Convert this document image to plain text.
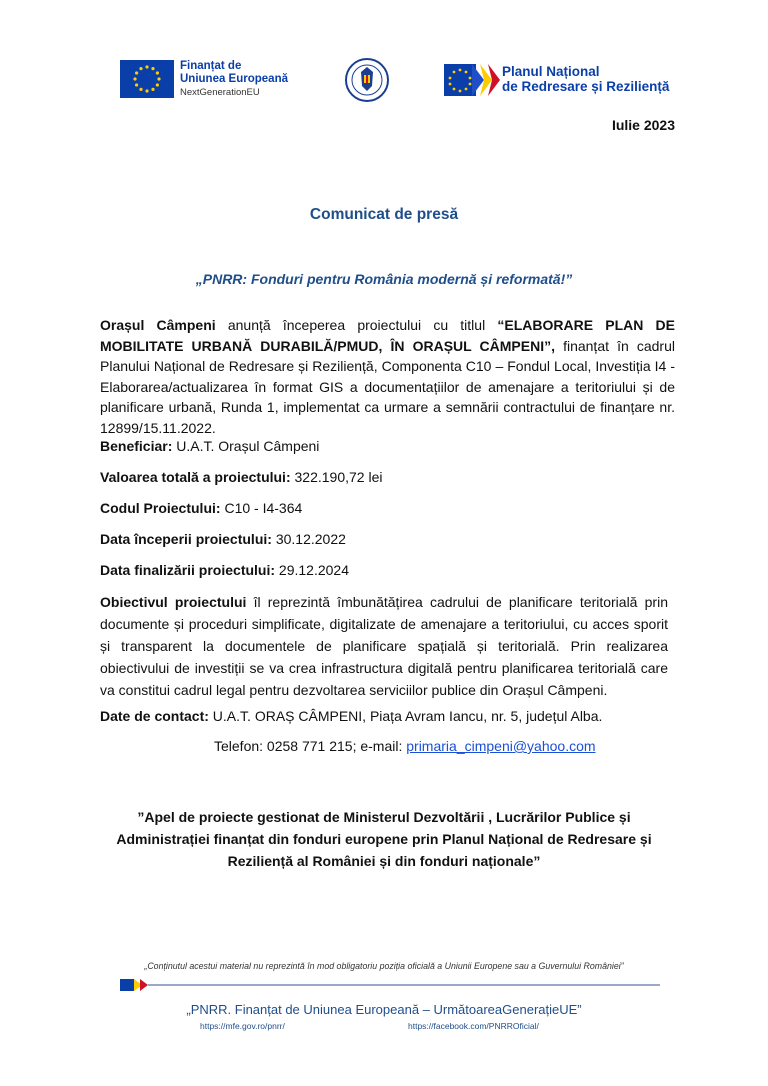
Finanțat de
Uniunea Europeană
NextGenerationEU
Planul Național
de Redresare și Reziliență
Iulie 2023
Comunicat de presă
„PNRR: Fonduri pentru România modernă și reformată!”
Orașul Câmpeni anunță începerea proiectului cu titlul “ELABORARE PLAN DE MOBILITATE URBANĂ DURABILĂ/PMUD, ÎN ORAȘUL CÂMPENI”, finanțat în cadrul Planului Național de Redresare și Reziliență, Componenta C10 – Fondul Local, Investiția I4 - Elaborarea/actualizarea în format GIS a documentațiilor de amenajare a teritoriului și de planificare urbană, Runda 1, implementat ca urmare a semnării contractului de finanțare nr. 12899/15.11.2022.
Beneficiar: U.A.T. Orașul Câmpeni
Valoarea totală a proiectului: 322.190,72 lei
Codul Proiectului: C10 - I4-364
Data începerii proiectului: 30.12.2022
Data finalizării proiectului: 29.12.2024
Obiectivul proiectului îl reprezintă îmbunătățirea cadrului de planificare teritorială prin documente și proceduri simplificate, digitalizate de amenajare a teritoriului, cu acces sporit și transparent la documentele de planificare spațială și teritorială. Prin realizarea obiectivului de investiții se va crea infrastructura digitală pentru planificarea teritorială care va constitui cadrul legal pentru dezvoltarea serviciilor publice din Orașul Câmpeni.
Date de contact: U.A.T. ORAȘ CÂMPENI, Piața Avram Iancu, nr. 5, județul Alba.
Telefon: 0258 771 215; e-mail: primaria_cimpeni@yahoo.com
”Apel de proiecte gestionat de Ministerul Dezvoltării , Lucrărilor Publice și Administrației finanțat din fonduri europene prin Planul Național de Redresare și Reziliență al României și din fonduri naționale”
„Conținutul acestui material nu reprezintă în mod obligatoriu poziția oficială a Uniunii Europene sau a Guvernului României”
„PNRR. Finanțat de Uniunea Europeană – UrmătoareaGenerațieUE”
https://mfe.gov.ro/pnrr/	https://facebook.com/PNRROficial/
